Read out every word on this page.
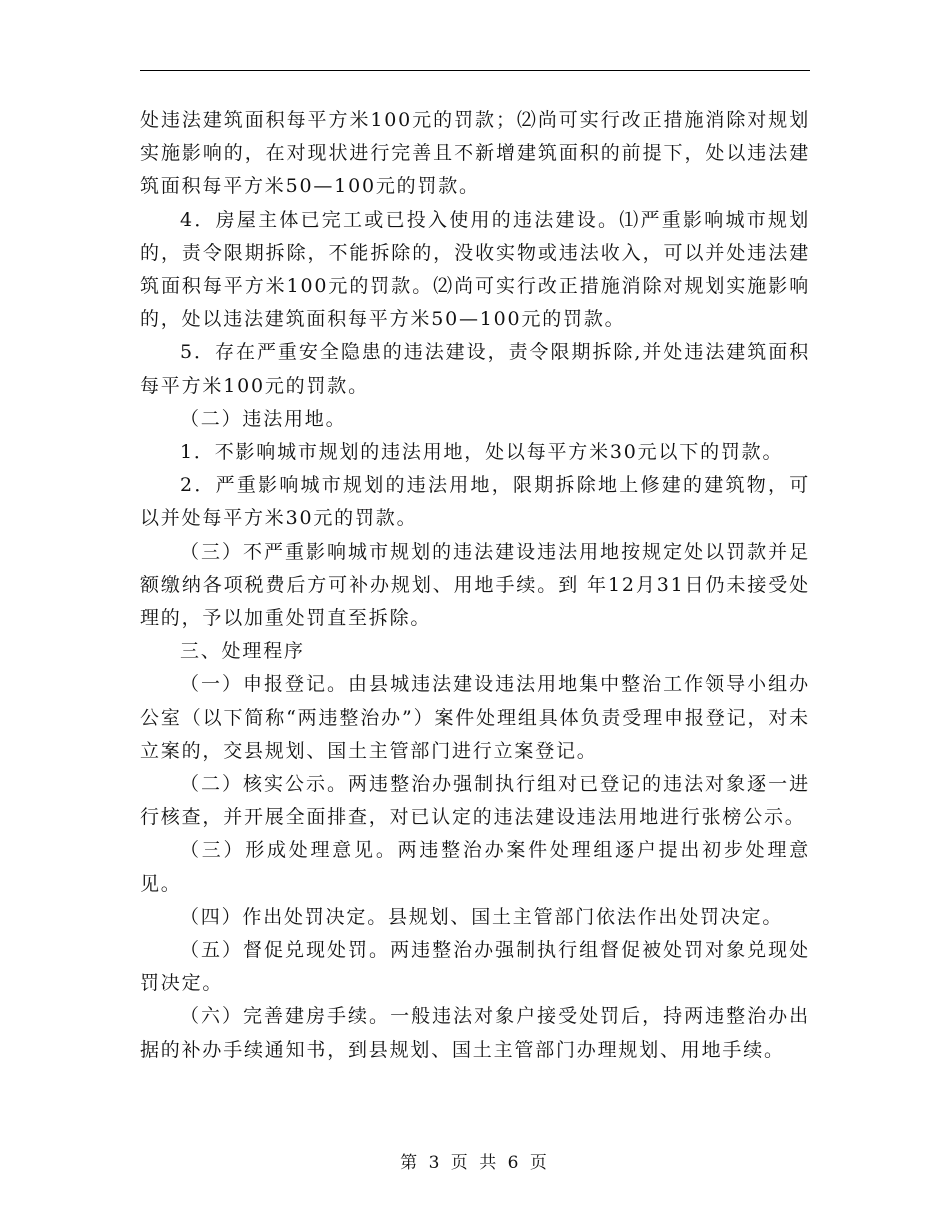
处违法建筑面积每平方米100元的罚款；⑵尚可实行改正措施消除对规划实施影响的，在对现状进行完善且不新增建筑面积的前提下，处以违法建筑面积每平方米50—100元的罚款。

4．房屋主体已完工或已投入使用的违法建设。⑴严重影响城市规划的，责令限期拆除，不能拆除的，没收实物或违法收入，可以并处违法建筑面积每平方米100元的罚款。⑵尚可实行改正措施消除对规划实施影响的，处以违法建筑面积每平方米50—100元的罚款。

5．存在严重安全隐患的违法建设，责令限期拆除,并处违法建筑面积每平方米100元的罚款。

（二）违法用地。

1．不影响城市规划的违法用地，处以每平方米30元以下的罚款。

2．严重影响城市规划的违法用地，限期拆除地上修建的建筑物，可以并处每平方米30元的罚款。

（三）不严重影响城市规划的违法建设违法用地按规定处以罚款并足额缴纳各项税费后方可补办规划、用地手续。到 年12月31日仍未接受处理的，予以加重处罚直至拆除。

三、处理程序

（一）申报登记。由县城违法建设违法用地集中整治工作领导小组办公室（以下简称“两违整治办”）案件处理组具体负责受理申报登记，对未立案的，交县规划、国土主管部门进行立案登记。

（二）核实公示。两违整治办强制执行组对已登记的违法对象逐一进行核查，并开展全面排查，对已认定的违法建设违法用地进行张榜公示。

（三）形成处理意见。两违整治办案件处理组逐户提出初步处理意见。

（四）作出处罚决定。县规划、国土主管部门依法作出处罚决定。

（五）督促兑现处罚。两违整治办强制执行组督促被处罚对象兑现处罚决定。

（六）完善建房手续。一般违法对象户接受处罚后，持两违整治办出据的补办手续通知书，到县规划、国土主管部门办理规划、用地手续。

第 3 页 共 6 页
